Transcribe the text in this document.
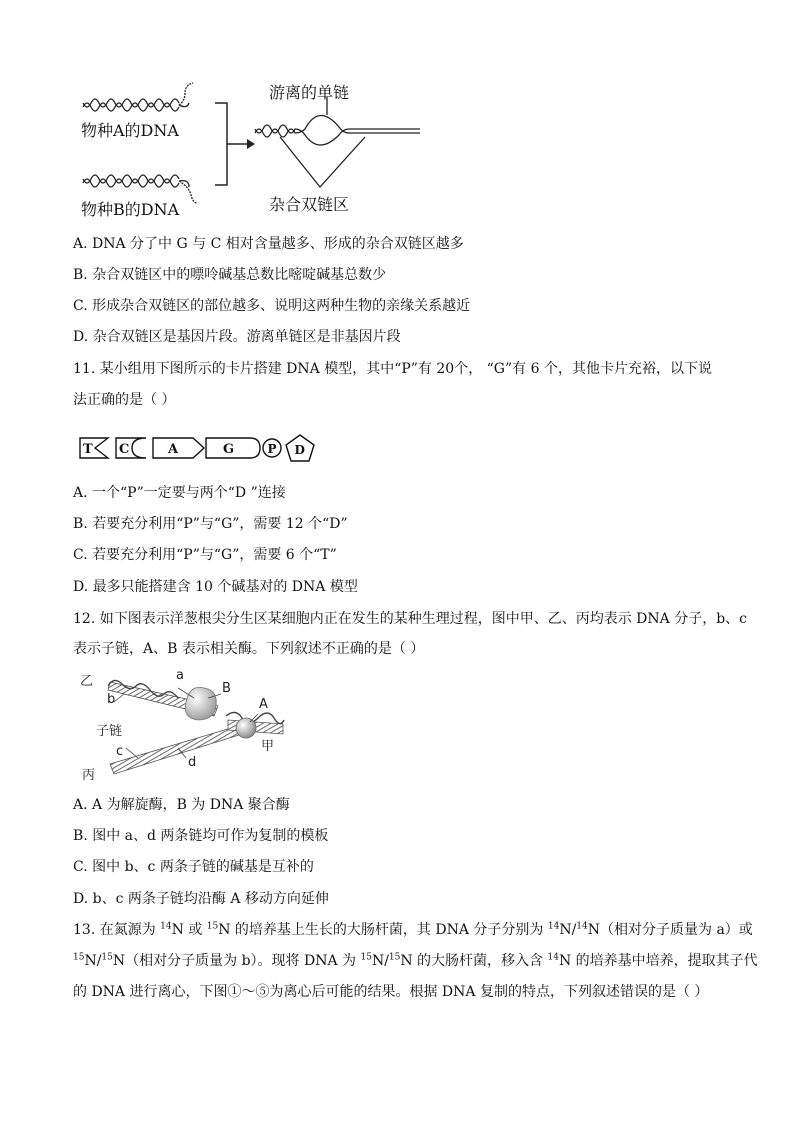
物种A的DNA
物种B的DNA
游离的单链
杂合双链区
A. DNA 分了中 G 与 C 相对含量越多、形成的杂合双链区越多
B. 杂合双链区中的嘌呤碱基总数比嘧啶碱基总数少
C. 形成杂合双链区的部位越多、说明这两种生物的亲缘关系越近
D. 杂合双链区是基因片段。游离单链区是非基因片段
11. 某小组用下图所示的卡片搭建 DNA 模型，其中“P”有 20个， “G”有 6 个，其他卡片充裕，以下说
法正确的是（ ）
T C	A	G	P D
A. 一个“P”一定要与两个“D ”连接
B. 若要充分利用“P”与“G”，需要 12 个“D”
C. 若要充分利用“P”与“G”，需要 6 个“T”
D. 最多只能搭建含 10 个碱基对的 DNA 模型
12. 如下图表示洋葱根尖分生区某细胞内正在发生的某种生理过程，图中甲、乙、丙均表示 DNA 分子，b、c
表示子链，A、B 表示相关酶。下列叙述不正确的是（ ）
乙	a
B
b	A
子链
甲
c
d
丙
A. A 为解旋酶，B 为 DNA 聚合酶
B. 图中 a、d 两条链均可作为复制的模板
C. 图中 b、c 两条子链的碱基是互补的
D. b、c 两条子链均沿酶 A 移动方向延伸
13. 在氮源为 $^{14}$N 或 $^{15}$N 的培养基上生长的大肠杆菌，其 DNA 分子分别为 $^{14}$N/$^{14}$N（相对分子质量为 a）或
$^{15}$N/$^{15}$N（相对分子质量为 b）。现将 DNA 为 $^{15}$N/$^{15}$N 的大肠杆菌，移入含 $^{14}$N 的培养基中培养，提取其子代
的 DNA 进行离心，下图①～⑤为离心后可能的结果。根据 DNA 复制的特点，下列叙述错误的是（ ）
